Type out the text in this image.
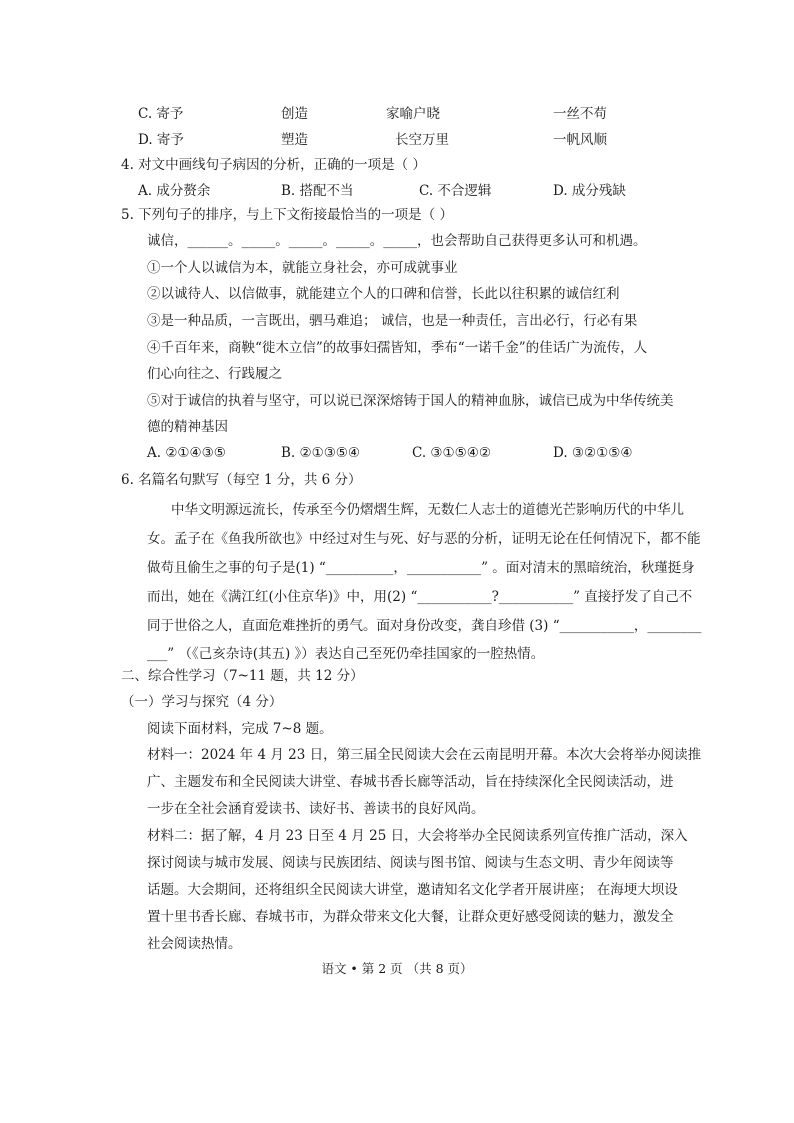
C. 寄予	创造	家喻户晓	一丝不苟
D. 寄予	塑造	长空万里	一帆风顺
4. 对文中画线句子病因的分析，正确的一项是（ ）
A. 成分赘余	B. 搭配不当	C. 不合逻辑	D. 成分残缺
5. 下列句子的排序，与上下文衔接最恰当的一项是（ ）
诚信，______。_____。_____。_____。_____，也会帮助自己获得更多认可和机遇。
①一个人以诚信为本，就能立身社会，亦可成就事业
②以诚待人、以信做事，就能建立个人的口碑和信誉，长此以往积累的诚信红利
③是一种品质，一言既出，驷马难追； 诚信，也是一种责任，言出必行，行必有果
④千百年来，商鞅“徙木立信”的故事妇孺皆知，季布“一诺千金”的佳话广为流传，人
们心向往之、行践履之
⑤对于诚信的执着与坚守，可以说已深深熔铸于国人的精神血脉，诚信已成为中华传统美
德的精神基因
A. ②①④③⑤	B. ②①③⑤④	C. ③①⑤④②	D. ③②①⑤④
6. 名篇名句默写（每空 1 分，共 6 分）
中华文明源远流长，传承至今仍熠熠生辉，无数仁人志士的道德光芒影响历代的中华儿
女。孟子在《鱼我所欲也》中经过对生与死、好与恶的分析，证明无论在任何情况下，都不能
做苟且偷生之事的句子是(1) “__________，___________” 。面对清末的黑暗统治，秋瑾挺身
而出，她在《满江红(小住京华)》中，用(2) “___________?___________” 直接抒发了自己不
同于世俗之人，直面危难挫折的勇气。面对身份改变，龚自珍借 (3) “___________，________
___” （《己亥杂诗(其五) 》）表达自己至死仍牵挂国家的一腔热情。
二、综合性学习（7~11 题，共 12 分）
（一）学习与探究（4 分）
阅读下面材料，完成 7~8 题。
材料一：2024 年 4 月 23 日，第三届全民阅读大会在云南昆明开幕。本次大会将举办阅读推
广、主题发布和全民阅读大讲堂、春城书香长廊等活动，旨在持续深化全民阅读活动，进
一步在全社会涵育爱读书、读好书、善读书的良好风尚。
材料二：据了解，4 月 23 日至 4 月 25 日，大会将举办全民阅读系列宣传推广活动，深入
探讨阅读与城市发展、阅读与民族团结、阅读与图书馆、阅读与生态文明、青少年阅读等
话题。大会期间，还将组织全民阅读大讲堂，邀请知名文化学者开展讲座； 在海埂大坝设
置十里书香长廊、春城书市，为群众带来文化大餐，让群众更好感受阅读的魅力，激发全
社会阅读热情。
语文 • 第 2 页 （共 8 页）
